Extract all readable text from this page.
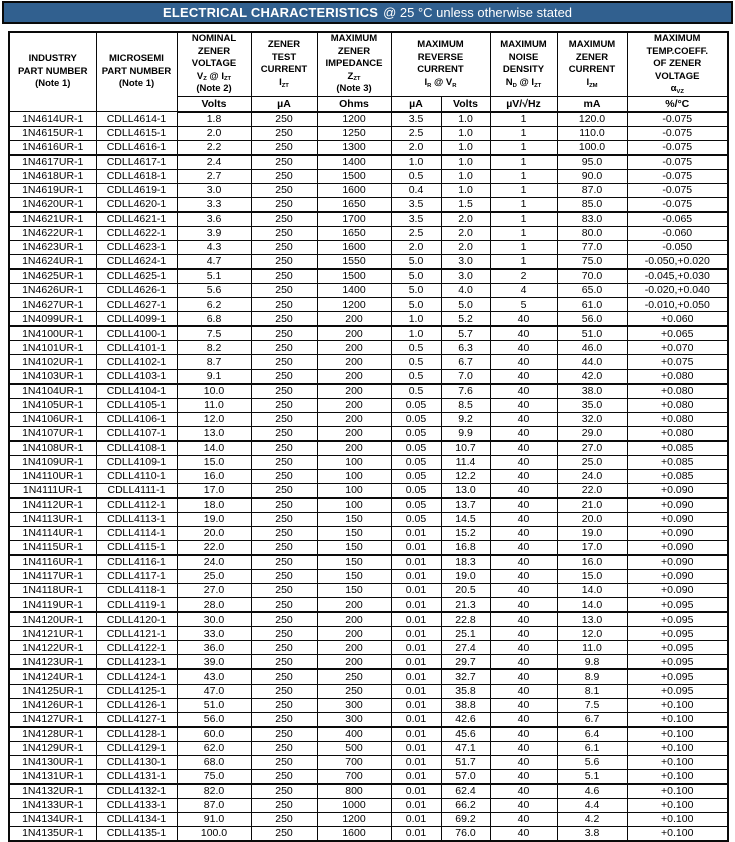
ELECTRICAL CHARACTERISTICS @ 25 °C unless otherwise stated
INDUSTRY
PART NUMBER
(Note 1)

MICROSEMI
PART NUMBER
(Note 1)

NOMINAL
ZENER
VOLTAGE
$V_Z$ @ $I_{ZT}$
(Note 2)

ZENER
TEST
CURRENT
$I_{ZT}$

MAXIMUM
ZENER
IMPEDANCE
$Z_{ZT}$
(Note 3)

MAXIMUM
REVERSE
CURRENT
$I_R$ @ $V_R$

MAXIMUM
NOISE
DENSITY
$N_D$ @ $I_{ZT}$

MAXIMUM
ZENER
CURRENT
$I_{ZM}$

MAXIMUM
TEMP.COEFF.
OF ZENER
VOLTAGE
$\alpha_{VZ}$

		Volts	µA	Ohms	µA	Volts	µV/√Hz	mA	%/°C
1N4614UR-1	CDLL4614-1	1.8	250	1200	3.5	1.0	1	120.0	-0.075
1N4615UR-1	CDLL4615-1	2.0	250	1250	2.5	1.0	1	110.0	-0.075
1N4616UR-1	CDLL4616-1	2.2	250	1300	2.0	1.0	1	100.0	-0.075
1N4617UR-1	CDLL4617-1	2.4	250	1400	1.0	1.0	1	95.0	-0.075
1N4618UR-1	CDLL4618-1	2.7	250	1500	0.5	1.0	1	90.0	-0.075
1N4619UR-1	CDLL4619-1	3.0	250	1600	0.4	1.0	1	87.0	-0.075
1N4620UR-1	CDLL4620-1	3.3	250	1650	3.5	1.5	1	85.0	-0.075
1N4621UR-1	CDLL4621-1	3.6	250	1700	3.5	2.0	1	83.0	-0.065
1N4622UR-1	CDLL4622-1	3.9	250	1650	2.5	2.0	1	80.0	-0.060
1N4623UR-1	CDLL4623-1	4.3	250	1600	2.0	2.0	1	77.0	-0.050
1N4624UR-1	CDLL4624-1	4.7	250	1550	5.0	3.0	1	75.0	-0.050,+0.020
1N4625UR-1	CDLL4625-1	5.1	250	1500	5.0	3.0	2	70.0	-0.045,+0.030
1N4626UR-1	CDLL4626-1	5.6	250	1400	5.0	4.0	4	65.0	-0.020,+0.040
1N4627UR-1	CDLL4627-1	6.2	250	1200	5.0	5.0	5	61.0	-0.010,+0.050
1N4099UR-1	CDLL4099-1	6.8	250	200	1.0	5.2	40	56.0	+0.060
1N4100UR-1	CDLL4100-1	7.5	250	200	1.0	5.7	40	51.0	+0.065
1N4101UR-1	CDLL4101-1	8.2	250	200	0.5	6.3	40	46.0	+0.070
1N4102UR-1	CDLL4102-1	8.7	250	200	0.5	6.7	40	44.0	+0.075
1N4103UR-1	CDLL4103-1	9.1	250	200	0.5	7.0	40	42.0	+0.080
1N4104UR-1	CDLL4104-1	10.0	250	200	0.5	7.6	40	38.0	+0.080
1N4105UR-1	CDLL4105-1	11.0	250	200	0.05	8.5	40	35.0	+0.080
1N4106UR-1	CDLL4106-1	12.0	250	200	0.05	9.2	40	32.0	+0.080
1N4107UR-1	CDLL4107-1	13.0	250	200	0.05	9.9	40	29.0	+0.080
1N4108UR-1	CDLL4108-1	14.0	250	200	0.05	10.7	40	27.0	+0.085
1N4109UR-1	CDLL4109-1	15.0	250	100	0.05	11.4	40	25.0	+0.085
1N4110UR-1	CDLL4110-1	16.0	250	100	0.05	12.2	40	24.0	+0.085
1N4111UR-1	CDLL4111-1	17.0	250	100	0.05	13.0	40	22.0	+0.090
1N4112UR-1	CDLL4112-1	18.0	250	100	0.05	13.7	40	21.0	+0.090
1N4113UR-1	CDLL4113-1	19.0	250	150	0.05	14.5	40	20.0	+0.090
1N4114UR-1	CDLL4114-1	20.0	250	150	0.01	15.2	40	19.0	+0.090
1N4115UR-1	CDLL4115-1	22.0	250	150	0.01	16.8	40	17.0	+0.090
1N4116UR-1	CDLL4116-1	24.0	250	150	0.01	18.3	40	16.0	+0.090
1N4117UR-1	CDLL4117-1	25.0	250	150	0.01	19.0	40	15.0	+0.090
1N4118UR-1	CDLL4118-1	27.0	250	150	0.01	20.5	40	14.0	+0.090
1N4119UR-1	CDLL4119-1	28.0	250	200	0.01	21.3	40	14.0	+0.095
1N4120UR-1	CDLL4120-1	30.0	250	200	0.01	22.8	40	13.0	+0.095
1N4121UR-1	CDLL4121-1	33.0	250	200	0.01	25.1	40	12.0	+0.095
1N4122UR-1	CDLL4122-1	36.0	250	200	0.01	27.4	40	11.0	+0.095
1N4123UR-1	CDLL4123-1	39.0	250	200	0.01	29.7	40	9.8	+0.095
1N4124UR-1	CDLL4124-1	43.0	250	250	0.01	32.7	40	8.9	+0.095
1N4125UR-1	CDLL4125-1	47.0	250	250	0.01	35.8	40	8.1	+0.095
1N4126UR-1	CDLL4126-1	51.0	250	300	0.01	38.8	40	7.5	+0.100
1N4127UR-1	CDLL4127-1	56.0	250	300	0.01	42.6	40	6.7	+0.100
1N4128UR-1	CDLL4128-1	60.0	250	400	0.01	45.6	40	6.4	+0.100
1N4129UR-1	CDLL4129-1	62.0	250	500	0.01	47.1	40	6.1	+0.100
1N4130UR-1	CDLL4130-1	68.0	250	700	0.01	51.7	40	5.6	+0.100
1N4131UR-1	CDLL4131-1	75.0	250	700	0.01	57.0	40	5.1	+0.100
1N4132UR-1	CDLL4132-1	82.0	250	800	0.01	62.4	40	4.6	+0.100
1N4133UR-1	CDLL4133-1	87.0	250	1000	0.01	66.2	40	4.4	+0.100
1N4134UR-1	CDLL4134-1	91.0	250	1200	0.01	69.2	40	4.2	+0.100
1N4135UR-1	CDLL4135-1	100.0	250	1600	0.01	76.0	40	3.8	+0.100
